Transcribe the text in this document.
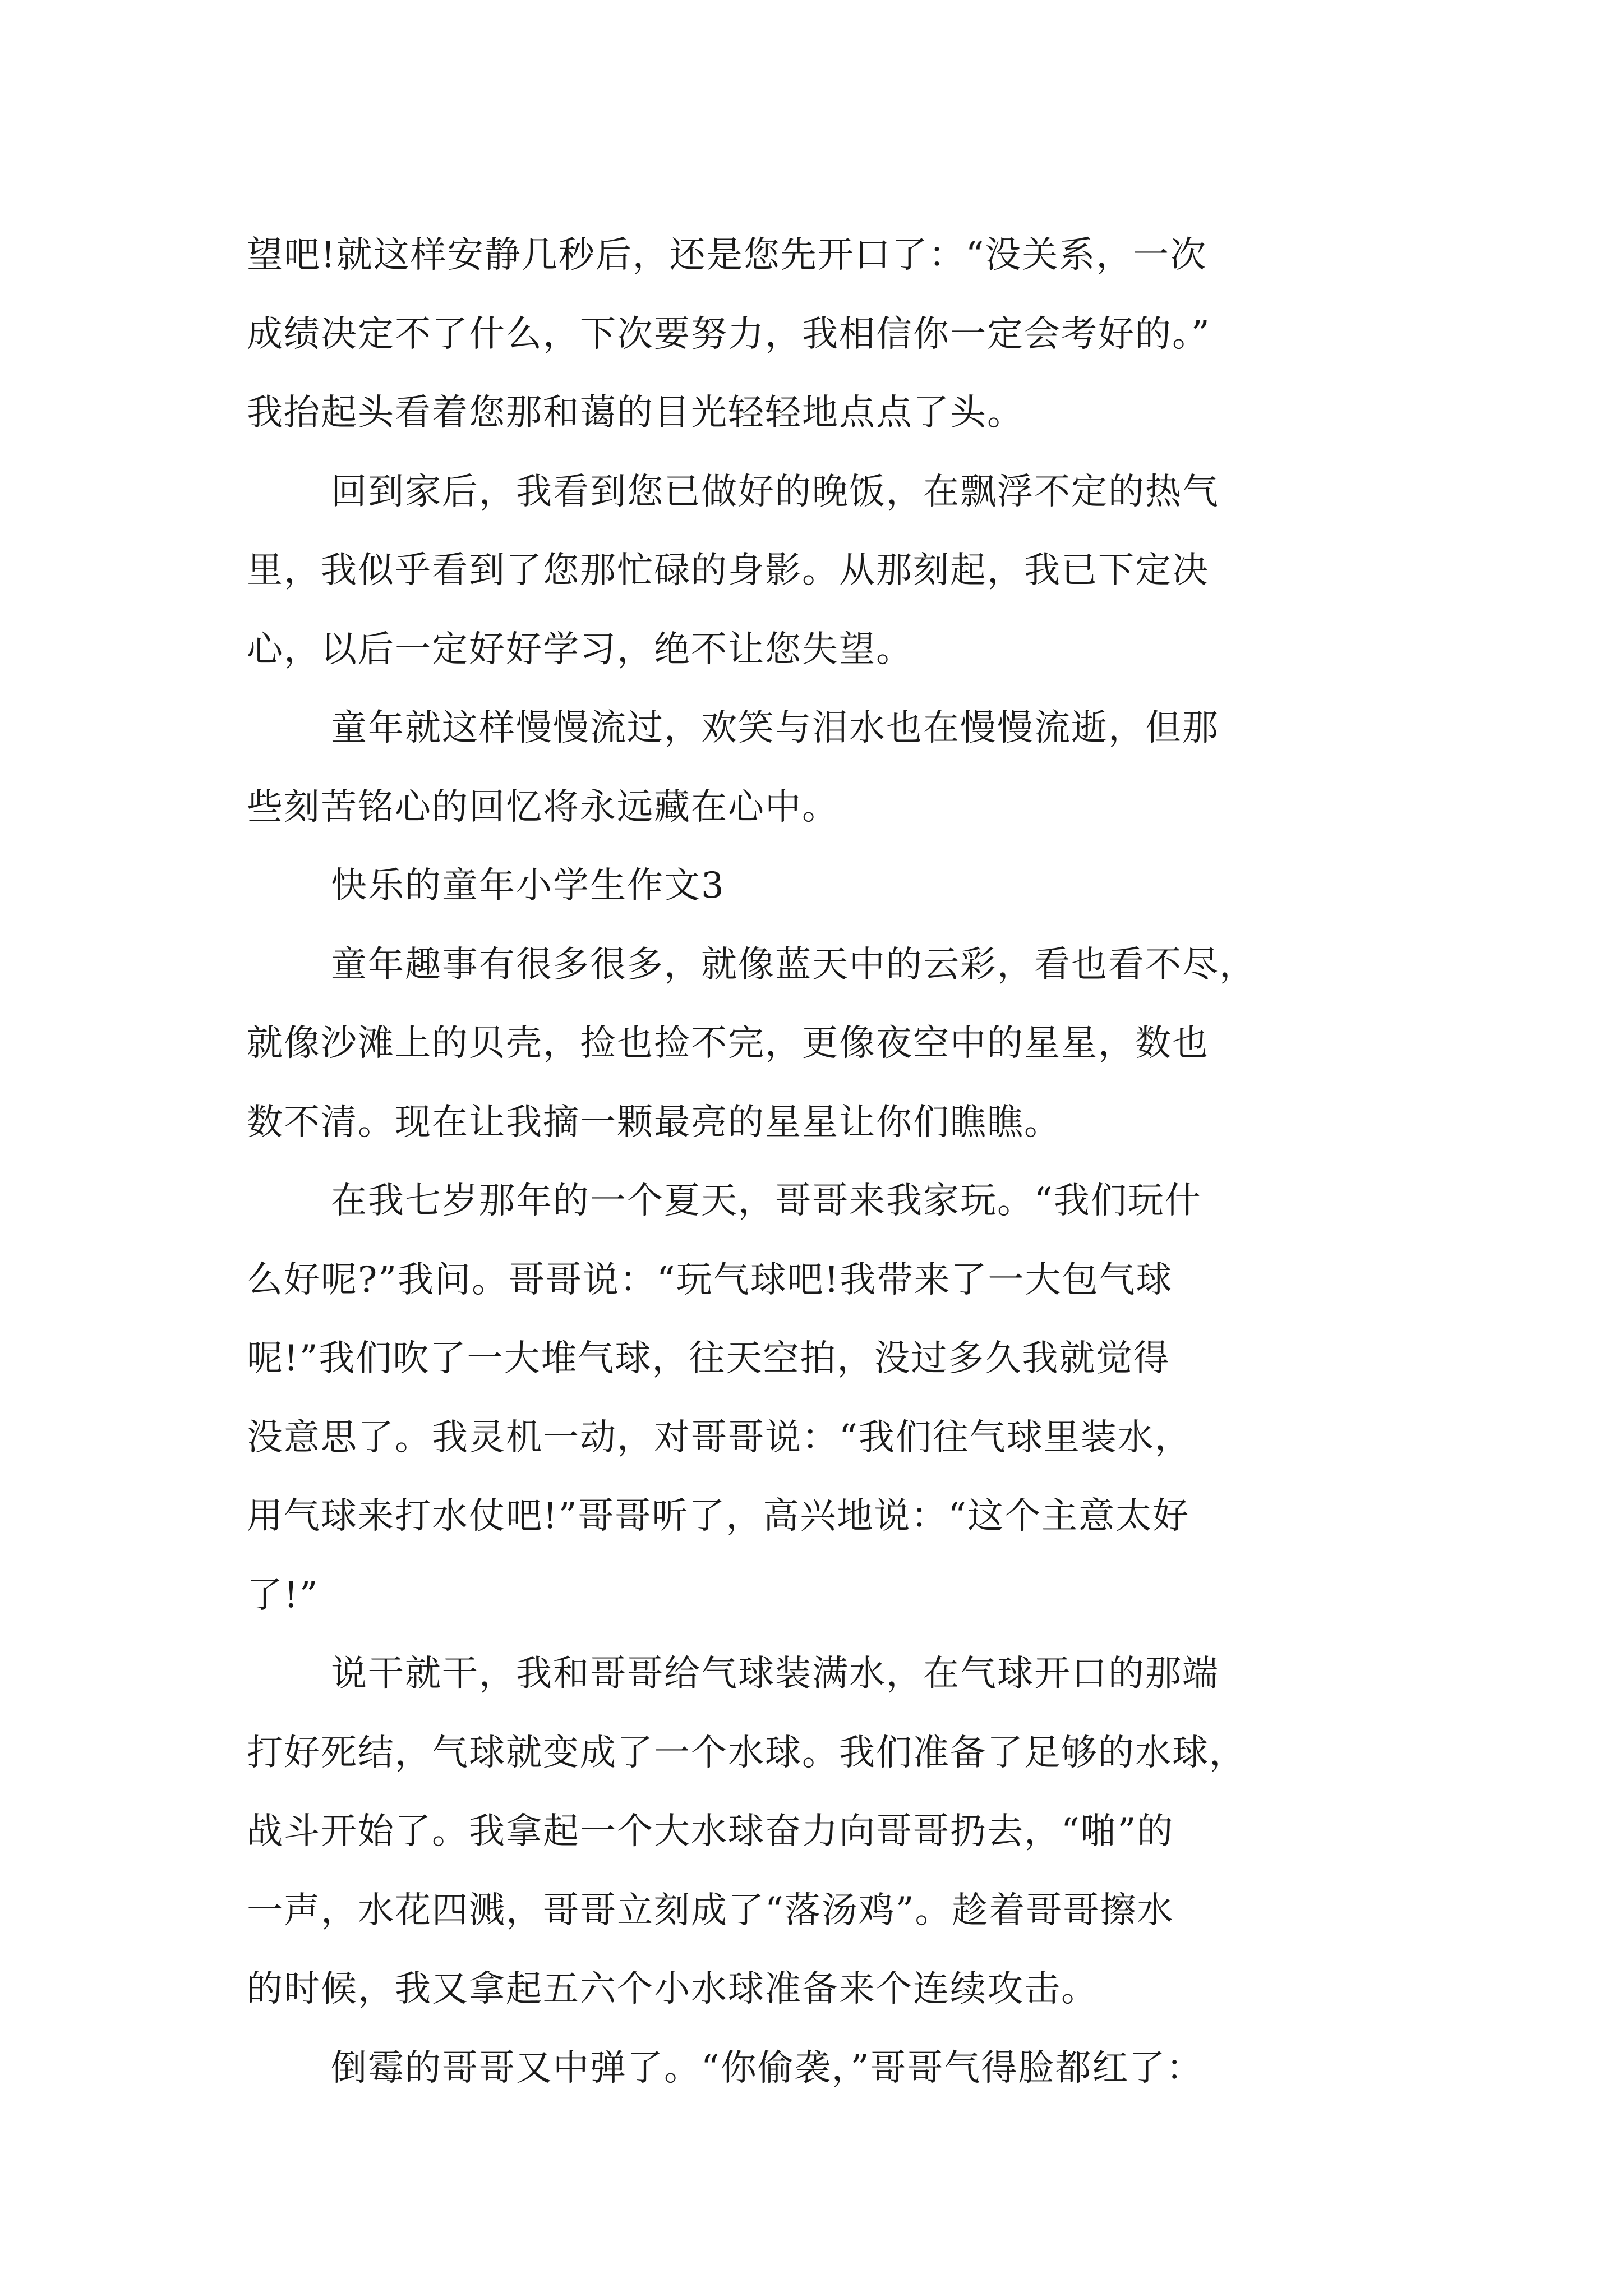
望吧!就这样安静几秒后，还是您先开口了：“没关系，一次
成绩决定不了什么，下次要努力，我相信你一定会考好的。”
我抬起头看着您那和蔼的目光轻轻地点点了头。
回到家后，我看到您已做好的晚饭，在飘浮不定的热气
里，我似乎看到了您那忙碌的身影。从那刻起，我已下定决
心，以后一定好好学习，绝不让您失望。
童年就这样慢慢流过，欢笑与泪水也在慢慢流逝，但那
些刻苦铭心的回忆将永远藏在心中。
快乐的童年小学生作文3
童年趣事有很多很多，就像蓝天中的云彩，看也看不尽，
就像沙滩上的贝壳，捡也捡不完，更像夜空中的星星，数也
数不清。现在让我摘一颗最亮的星星让你们瞧瞧。
在我七岁那年的一个夏天，哥哥来我家玩。“我们玩什
么好呢?”我问。哥哥说：“玩气球吧!我带来了一大包气球
呢!”我们吹了一大堆气球，往天空拍，没过多久我就觉得
没意思了。我灵机一动，对哥哥说：“我们往气球里装水，
用气球来打水仗吧!”哥哥听了，高兴地说：“这个主意太好
了!”
说干就干，我和哥哥给气球装满水，在气球开口的那端
打好死结，气球就变成了一个水球。我们准备了足够的水球，
战斗开始了。我拿起一个大水球奋力向哥哥扔去，“啪”的
一声，水花四溅，哥哥立刻成了“落汤鸡”。趁着哥哥擦水
的时候，我又拿起五六个小水球准备来个连续攻击。
倒霉的哥哥又中弹了。“你偷袭，”哥哥气得脸都红了：
